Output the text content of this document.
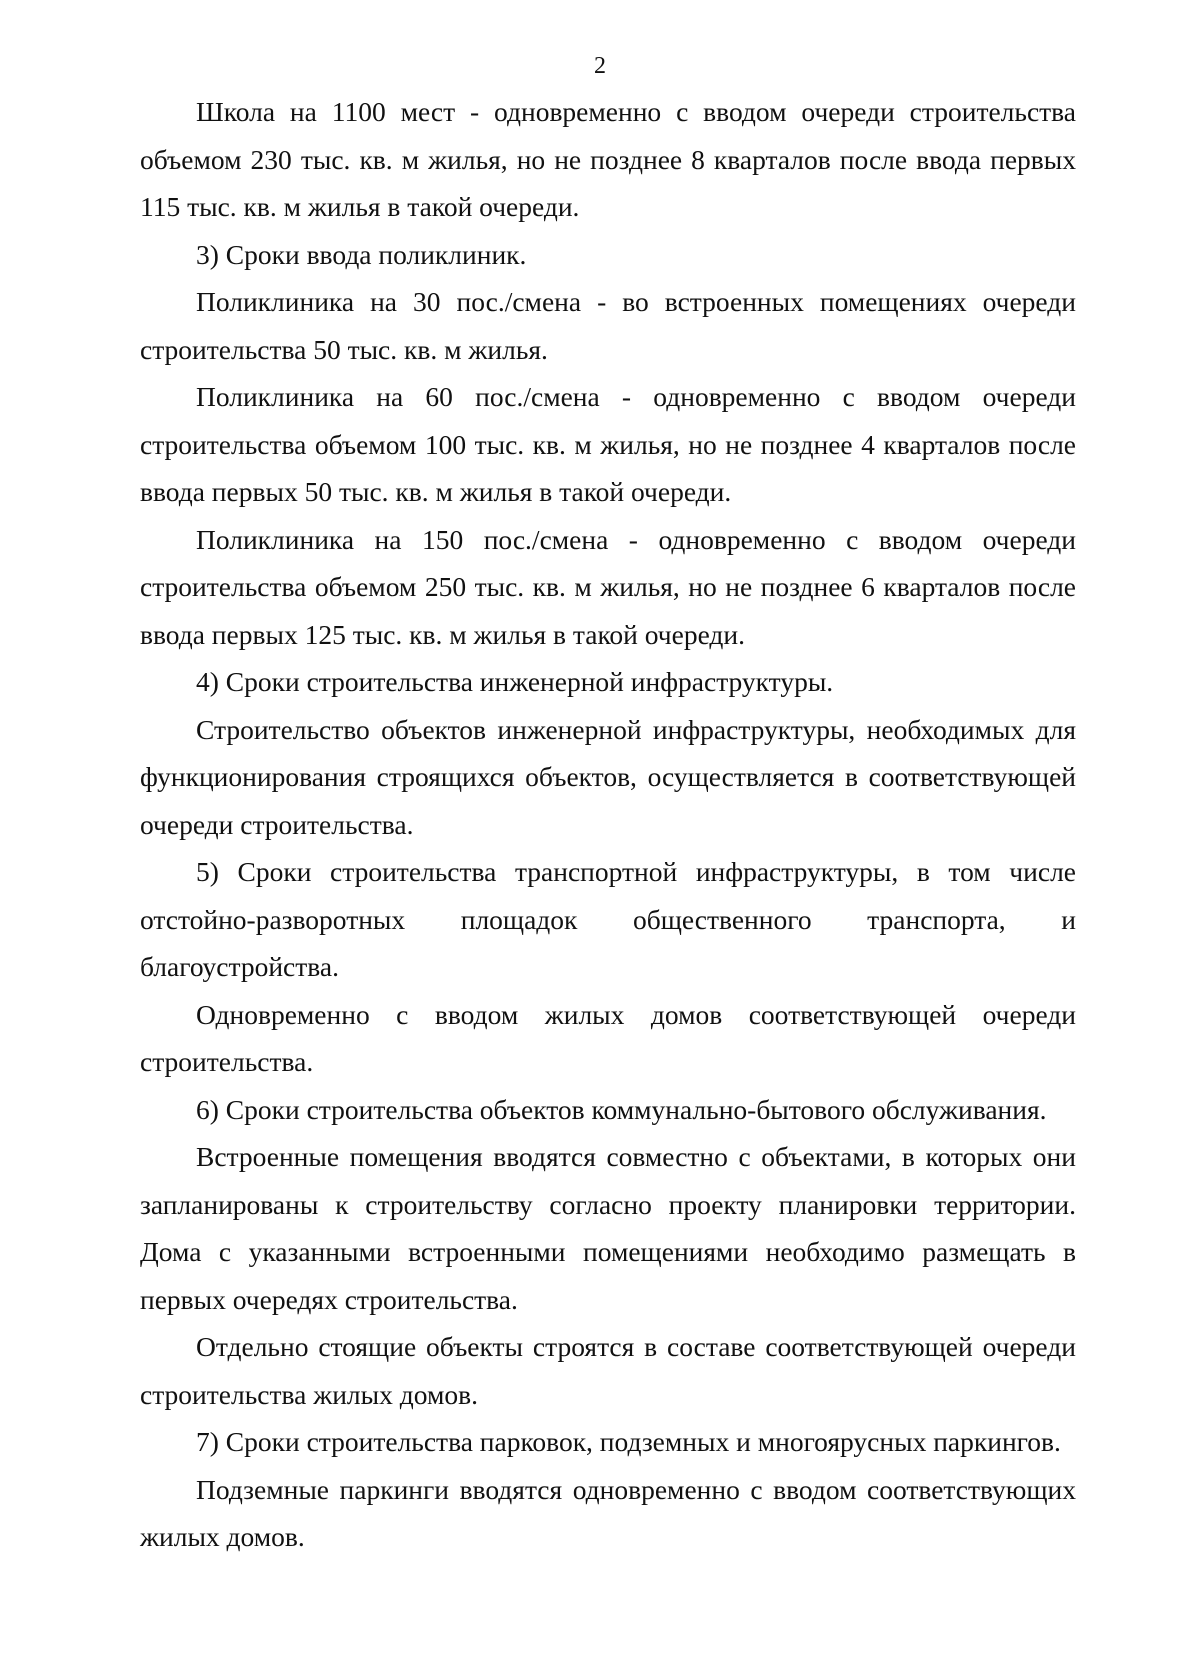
2

Школа на 1100 мест - одновременно с вводом очереди строительства объемом 230 тыс. кв. м жилья, но не позднее 8 кварталов после ввода первых 115 тыс. кв. м жилья в такой очереди.

3) Сроки ввода поликлиник.

Поликлиника на 30 пос./смена - во встроенных помещениях очереди строительства 50 тыс. кв. м жилья.

Поликлиника на 60 пос./смена - одновременно с вводом очереди строительства объемом 100 тыс. кв. м жилья, но не позднее 4 кварталов после ввода первых 50 тыс. кв. м жилья в такой очереди.

Поликлиника на 150 пос./смена - одновременно с вводом очереди строительства объемом 250 тыс. кв. м жилья, но не позднее 6 кварталов после ввода первых 125 тыс. кв. м жилья в такой очереди.

4) Сроки строительства инженерной инфраструктуры.

Строительство объектов инженерной инфраструктуры, необходимых для функционирования строящихся объектов, осуществляется в соответствующей очереди строительства.

5) Сроки строительства транспортной инфраструктуры, в том числе отстойно-разворотных площадок общественного транспорта, и благоустройства.

Одновременно с вводом жилых домов соответствующей очереди строительства.

6) Сроки строительства объектов коммунально-бытового обслуживания.

Встроенные помещения вводятся совместно с объектами, в которых они запланированы к строительству согласно проекту планировки территории. Дома с указанными встроенными помещениями необходимо размещать в первых очередях строительства.

Отдельно стоящие объекты строятся в составе соответствующей очереди строительства жилых домов.

7) Сроки строительства парковок, подземных и многоярусных паркингов.

Подземные паркинги вводятся одновременно с вводом соответствующих жилых домов.
